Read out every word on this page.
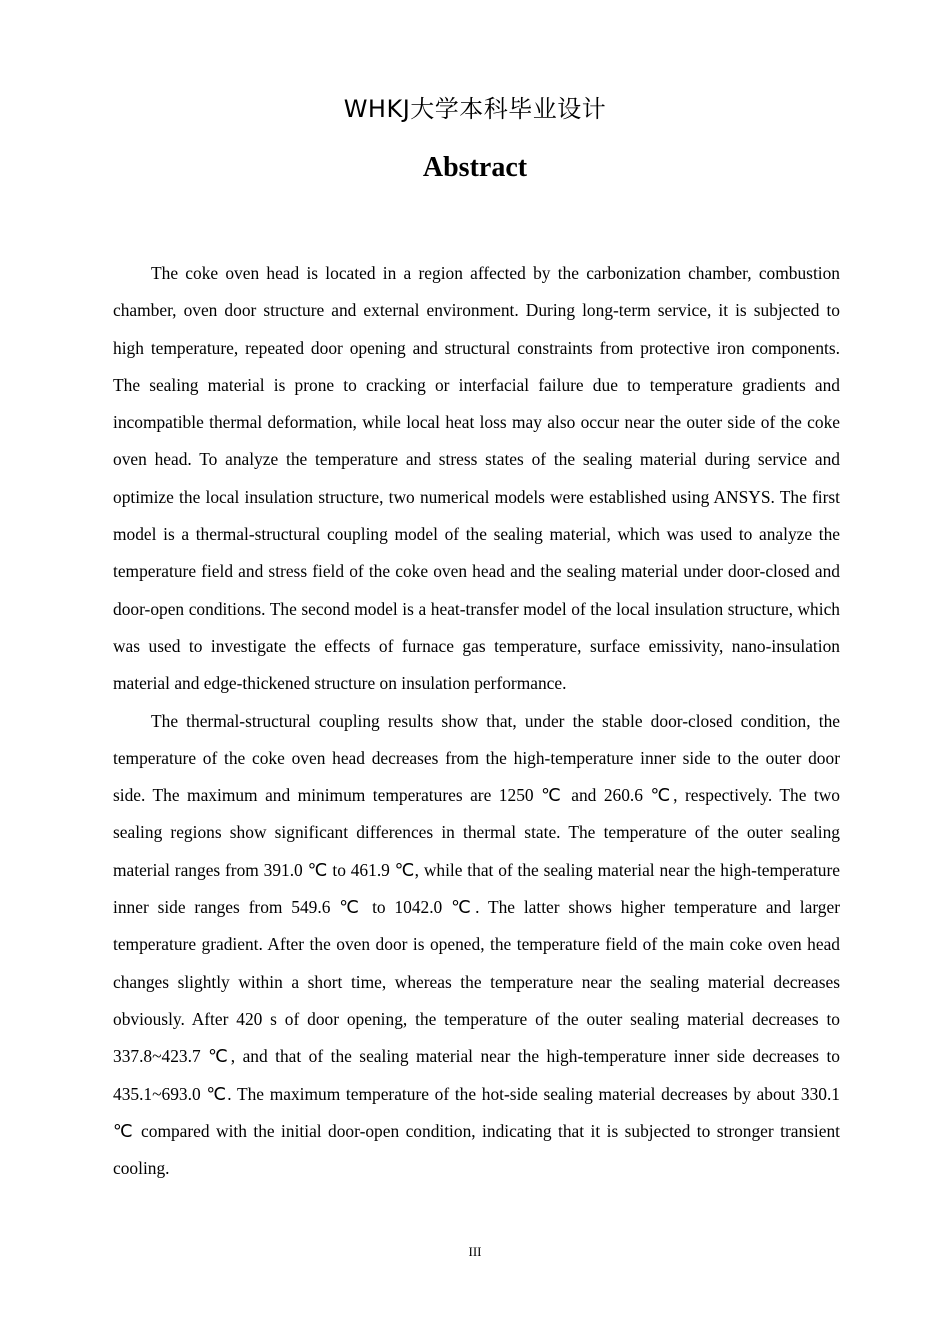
WHKJ大学本科毕业设计
Abstract

The coke oven head is located in a region affected by the carbonization chamber, combustion chamber, oven door structure and external environment. During long-term service, it is subjected to high temperature, repeated door opening and structural constraints from protective iron components. The sealing material is prone to cracking or interfacial failure due to temperature gradients and incompatible thermal deformation, while local heat loss may also occur near the outer side of the coke oven head. To analyze the temperature and stress states of the sealing material during service and optimize the local insulation structure, two numerical models were established using ANSYS. The first model is a thermal-structural coupling model of the sealing material, which was used to analyze the temperature field and stress field of the coke oven head and the sealing material under door-closed and door-open conditions. The second model is a heat-transfer model of the local insulation structure, which was used to investigate the effects of furnace gas temperature, surface emissivity, nano-insulation material and edge-thickened structure on insulation performance.

The thermal-structural coupling results show that, under the stable door-closed condition, the temperature of the coke oven head decreases from the high-temperature inner side to the outer door side. The maximum and minimum temperatures are 1250 ℃ and 260.6 ℃, respectively. The two sealing regions show significant differences in thermal state. The temperature of the outer sealing material ranges from 391.0 ℃ to 461.9 ℃, while that of the sealing material near the high-temperature inner side ranges from 549.6 ℃ to 1042.0 ℃. The latter shows higher temperature and larger temperature gradient. After the oven door is opened, the temperature field of the main coke oven head changes slightly within a short time, whereas the temperature near the sealing material decreases obviously. After 420 s of door opening, the temperature of the outer sealing material decreases to 337.8~423.7 ℃, and that of the sealing material near the high-temperature inner side decreases to 435.1~693.0 ℃. The maximum temperature of the hot-side sealing material decreases by about 330.1 ℃ compared with the initial door-open condition, indicating that it is subjected to stronger transient cooling.

III
